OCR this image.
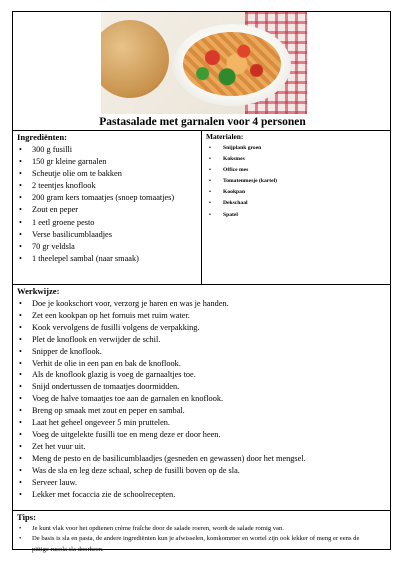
Pastasalade met garnalen voor 4 personen
Ingrediënten:
• 300 g fusilli
• 150 gr kleine garnalen
• Scheutje olie om te bakken
• 2 teentjes knoflook
• 200 gram kers tomaatjes (snoep tomaatjes)
• Zout en peper
• 1 eetl groene pesto
• Verse basilicumblaadjes
• 70 gr veldsla
• 1 theelepel sambal (naar smaak)
Materialen:
• Snijplank groen
• Koksmes
• Office mes
• Tomatenmesje (kartel)
• Kookpan
• Dekschaal
• Spatel
Werkwijze:
• Doe je kookschort voor, verzorg je haren en was je handen.
• Zet een kookpan op het fornuis met ruim water.
• Kook vervolgens de fusilli volgens de verpakking.
• Plet de knoflook en verwijder de schil.
• Snipper de knoflook.
• Verhit de olie in een pan en bak de knoflook.
• Als de knoflook glazig is voeg de garnaaltjes toe.
• Snijd ondertussen de tomaatjes doormidden.
• Voeg de halve tomaatjes toe aan de garnalen en knoflook.
• Breng op smaak met zout en peper en sambal.
• Laat het geheel ongeveer 5 min pruttelen.
• Voeg de uitgelekte fusilli toe en meng deze er door heen.
• Zet het vuur uit.
• Meng de pesto en de basilicumblaadjes (gesneden en gewassen) door het mengsel.
• Was de sla en leg deze schaal, schep de fusilli boven op de sla.
• Serveer lauw.
• Lekker met focaccia zie de schoolrecepten.
Tips:
• Je kunt vlak voor het opdienen crème fraîche door de salade roeren, wordt de salade romig van.
• De basis is sla en pasta, de andere ingrediënten kun je afwisselen, komkommer en wortel zijn ook lekker of meng er eens de pittige rucola sla doorheen.
